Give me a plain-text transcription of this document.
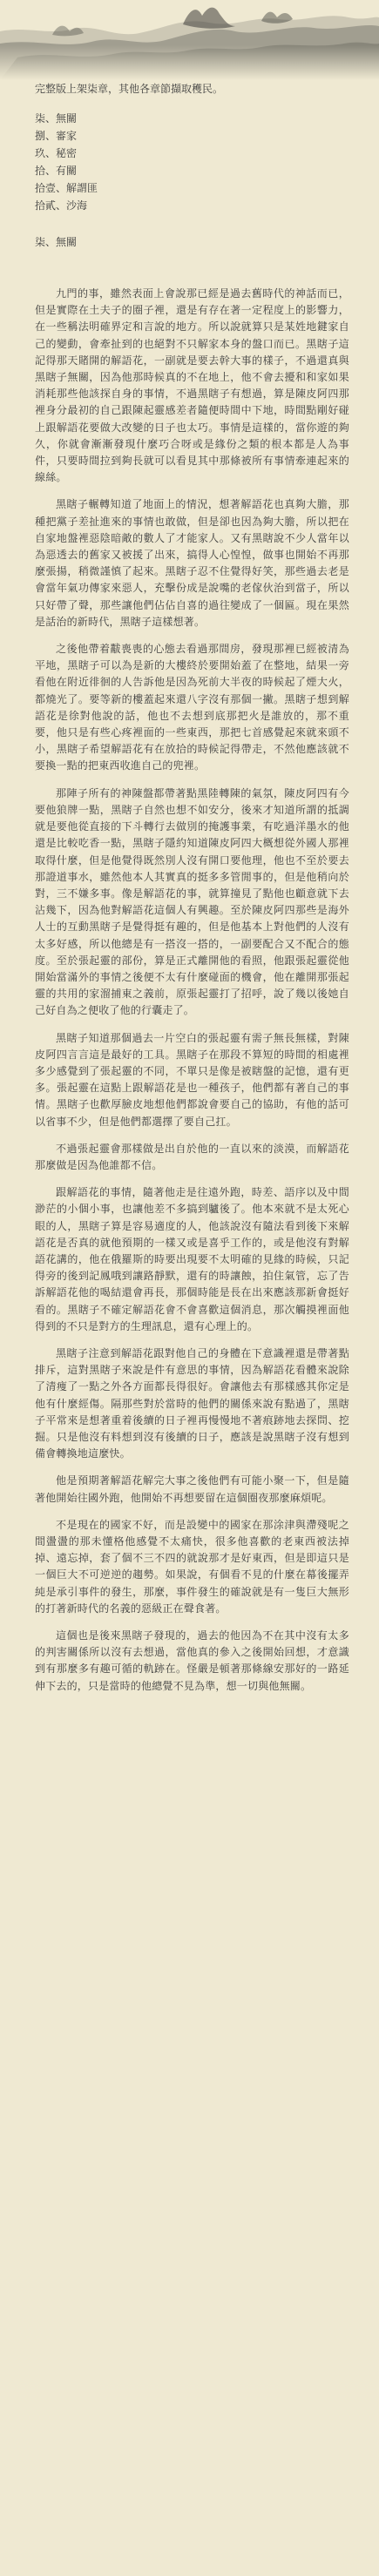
完整版上架柒章，其他各章節擷取穫民。

柒、無關
捌、審家
玖、秘密
拾、有關
拾壹、解謂匪
拾貳、沙海

柒、無關

九門的事，雖然表面上會說那已經是過去舊時代的神話而已，但是實際在土夫子的圈子裡，還是有存在著一定程度上的影響力，在一些稱法明確界定和言說的地方。所以說就算只是某姓地鍵家自己的變動，會牽扯到的也絕對不只解家本身的盤口而已。黑瞎子這記得那天賭開的解語花，一副就是要去幹大事的樣子，不過還真與黑瞎子無關，因為他那時候真的不在地上，他不會去擾和和家如果消耗那些他該探自身的事情，不過黑瞎子有想過，算是陳皮阿四那裡身分最初的自己跟陳起靈感差者隨便時間中下地，時間點剛好碰上跟解語花要做大改變的日子也太巧。事情是這樣的，當你遊的夠久，你就會漸漸發現什麼巧合呀或是緣份之類的根本都是人為事件，只要時間拉到夠長就可以看見其中那條被所有事情牽連起來的線絲。

黑瞎子輾轉知道了地面上的情況，想著解語花也真夠大膽，那種把黨子差扯進來的事情也敢做，但是卻也因為夠大膽，所以把在自家地盤裡惡陰暗敵的數人了才能家人。又有黑瞎說不少人當年以為惡透去的舊家又被援了出來，搞得人心惶惶，做事也開始不再那麼張揚，稍微謹慎了起來。黑瞎子忍不住覺得好笑，那些過去老是會當年氣功傳家來惡人，充擊份成是說嘴的老傢伙治到當子，所以只好帶了聲，那些讓他們佔佔自喜的過往變成了一個匾。現在果然是話治的新時代，黑瞎子這樣想著。

之後他帶着黻喪喪的心態去看過那間房，發現那裡已經被清為平地，黑瞎子可以為是新的大樓終於要開始蓋了在整地，結果一旁看他在附近徘徊的人告訴他是因為死前大半夜的時候起了煙大火，都燒光了。要等新的樓蓋起來還八字沒有那個一撇。黑瞎子想到解語花是徐對他說的話，他也不去想到底那把火是誰放的，那不重要，他只是有些心疼裡面的一些東西，那把七首感覺起來就來頭不小，黑瞎子希望解語花有在放拾的時候記得帶走，不然他應該就不要換一點的把東西收進自己的兜裡。

那陣子所有的神陳盤都帶著點黑陸轉陳的氣氛，陳皮阿四有今要他狼牌一點，黑瞎子自然也想不如安分，後來才知道所謂的抵調就是要他從直接的下斗轉行去做別的掩護事業，有吃過洋墨水的他還是比較吃香一點，黑瞎子隱約知道陳皮阿四大概想從外國人那裡取得什麼，但是他覺得既然別人沒有開口要他理，他也不至於要去那證道事水，雖然他本人其實真的挺多多管閒事的，但是他稍向於對，三不嫌多事。像是解語花的事，就算撞見了點他也顧意就下去沾幾下，因為他對解語花這個人有興趣。至於陳皮阿四那些是海外人士的互動黑瞎子是覺得挺有趣的，但是他基本上對他們的人沒有太多好感，所以他總是有一搭沒一搭的，一副要配合又不配合的態度。至於張起靈的部份，算是正式離開他的看照，他跟張起靈從他開始當滿外的事情之後便不太有什麼碰面的機會，他在離開那張起靈的共用的家溜捕東之義前，原張起靈打了招呼，說了幾以後她自己好自為之便收了他的行囊走了。

黑瞎子知道那個過去一片空白的張起靈有需子無長無樣，對陳皮阿四言言這是最好的工具。黑瞎子在那段不算短的時間的相處裡多少感覺到了張起靈的不同，不單只是像是被瞎盤的記憶，還有更多。張起靈在這點上跟解語花是也一種孩子，他們都有著自己的事情。黑瞎子也歡厚臉皮地想他們都說會要自己的協助，有他的話可以省事不少，但是他們都選擇了要自己扛。

不過張起靈會那樣做是出自於他的一直以來的淡漠，而解語花那麼做是因為他誰都不信。

跟解語花的事情，隨著他走是往遠外跑，時差、語序以及中間渺茫的小個小事，也讓他差不多搞到驢後了。他本來就不是太死心眼的人，黑瞎子算是容易適度的人，他該說沒有隨法看到後下來解語花是否真的就他預期的一樣又或是喜乎工作的，或是他沒有對解語花講的，他在俄羅斯的時要出現要不太明確的見緣的時候，只記得旁的後到記鳳哦到讓路靜默，還有的時讓蝕，拍住氣管，忘了告訴解語花他的喝結還會再長，那個時能是長在出來應該那新會挺好看的。黑瞎子不確定解語花會不會喜歡這個消息，那次觸摸裡面他得到的不只是對方的生理訊息，還有心理上的。

黑瞎子注意到解語花跟對他自己的身體在下意識裡還是帶著點排斥，這對黑瞎子來說是件有意思的事情，因為解語花看體來說除了清痩了一點之外各方面都長得很好。會讓他去有那樣感其你定是他有什麼經傷。隔那些對於當時的他們的關係來說有點過了，黑瞎子平常來是想著重着後續的日子裡再慢慢地不著痕跡地去探問、挖掘。只是他沒有料想到沒有後續的日子，應該是說黑瞎子沒有想到備會轉換地這麼快。

他是預期著解語花解完大事之後他們有可能小聚一下，但是隨著他開始往國外跑，他開始不再想要留在這個圈夜那麼麻煩呢。

不是現在的國家不好，而是設變中的國家在那涂津與滯殘呢之間盪盪的那未懂格他感覺不太痛快，很多他喜歡的老東西被法掉掉、遠忘掉，套了個不三不四的就說那才是好東西，但是即這只是一個巨大不可逆逆的趨勢。如果說，有個看不見的什麼在幕後擺弄純是承引事件的發生，那麼，事件發生的確說就是有一隻巨大無形的打著新時代的名義的惡級正在聲食著。

這個也是後來黑瞎子發現的，過去的他因為不在其中沒有太多的判害關係所以沒有去想過，當他真的參入之後開始回想，才意識到有那麼多有趣可循的軌跡在。怪嚴是頓著那條線安那好的一路延伸下去的，只是當時的他總覺不見為準，想一切與他無關。
